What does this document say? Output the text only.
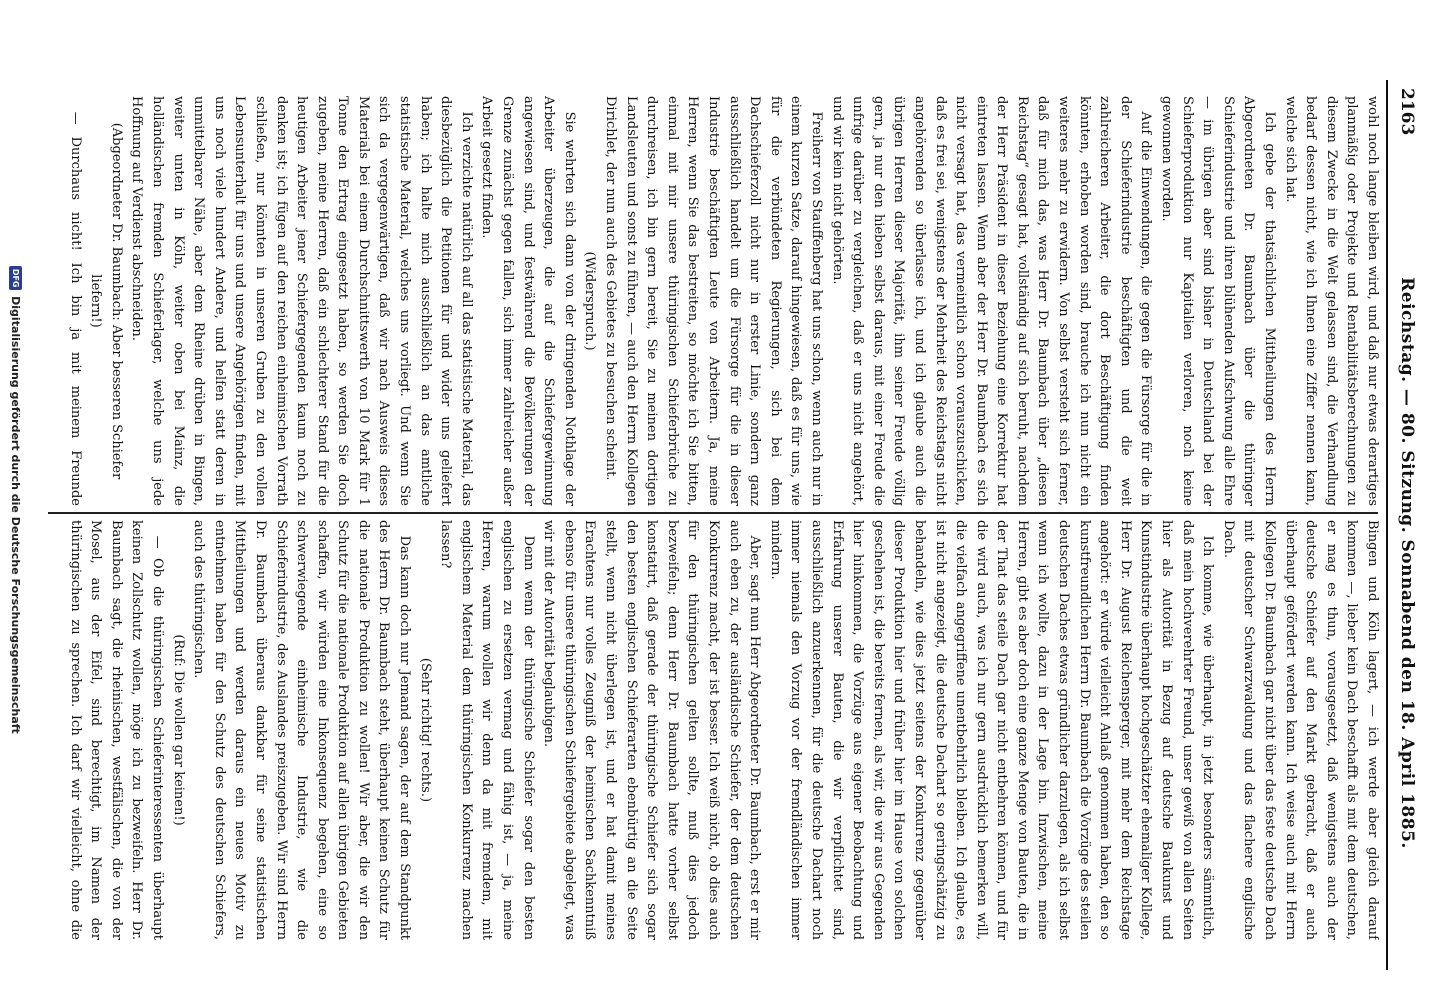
2163
Reichstag. — 80. Sitzung. Sonnabend den 18. April 1885.

wohl noch lange bleiben wird, und daß nur etwas derartiges planmäßig oder Projekte und Rentabilitätsberechnungen zu diesem Zwecke in die Welt gelassen sind, die Verhandlung bedarf dessen nicht, wie ich Ihnen eine Ziffer nennen kann, welche sich hat.

Ich gebe der thatsächlichen Mittheilungen des Herrn Abgeordneten Dr. Baumbach über die thüringer Schieferindustrie und ihren blühenden Aufschwung alle Ehre — im übrigen aber sind bisher in Deutschland bei der Schieferproduktion nur Kapitalien verloren, noch keine gewonnen worden.

Auf die Einwendungen, die gegen die Fürsorge für die in der Schieferindustrie beschäftigten und die weit zahlreicheren Arbeiter, die dort Beschäftigung finden könnten, erhoben worden sind, brauche ich nun nicht ein weiteres mehr zu erwidern. Von selbst versteht sich ferner, daß für mich das, was Herr Dr. Baumbach über „diesen Reichstag“ gesagt hat, vollständig auf sich beruht, nachdem der Herr Präsident in dieser Beziehung eine Korrektur hat eintreten lassen. Wenn aber der Herr Dr. Baumbach es sich nicht versagt hat, das vermeintlich schon vorauszuschicken, daß es frei sei, wenigstens der Mehrheit des Reichstags nicht angehörenden so überlasse ich, und ich glaube auch die übrigen Herren dieser Majorität, ihm seiner Freude völlig gern, ja nur den hieben selbst daraus, mit einer Freude die unfrige darüber zu vergleichen, daß er uns nicht angehört, und wir kein nicht gehörten.

Freiherr von Stauffenberg hat uns schon, wenn auch nur in einem kurzen Satze, darauf hingewiesen, daß es für uns, wie für die verbündeten Regierungen, sich bei dem Dachschieferzoll nicht nur in erster Linie, sondern ganz ausschließlich handelt um die Fürsorge für die in dieser Industrie beschäftigten Leute von Arbeitern. Ja, meine Herren, wenn Sie das bestreiten, so möchte ich Sie bitten, einmal mit mir unsere thüringischen Schieferbrüche zu durchreisen, ich bin gern bereit, Sie zu meinen dortigen Landsleuten und sonst zu führen, — auch den Herrn Kollegen Dirichlet, der nun auch des Gebietes zu besuchen scheint.

(Widerspruch.)

Sie wehrten sich dann von der dringenden Nothlage der Arbeiter überzeugen, die auf die Schiefergewinnung angewiesen sind, und festwährend die Bevölkerungen der Grenze zunächst gegen fallen, sich immer zahlreicher außer Arbeit gesetzt finden.

Ich verzichte natürlich auf all das statistische Material, das diesbezüglich die Petitionen für und wider uns geliefert haben; ich halte mich ausschließlich an das amtliche statistische Material, welches uns vorliegt. Und wenn Sie sich da vergegenwärtigen, daß wir nach Ausweis dieses Materials bei einem Durchschnittswerth von 10 Mark für 1 Tonne den Ertrag eingesetzt haben, so werden Sie doch zugeben, meine Herren, daß ein schlechterer Stand für die heutigen Arbeiter jener Schiefergegenden kaum noch zu denken ist; ich fügen auf den reichen einheimischen Vorrath schließen, nur könnten in unseren Gruben zu den vollen Lebensunterhalt für uns und unsere Angehörigen finden, mit uns noch viele hundert Andere, und helfen statt deren in unmittelbarer Nähe, aber dem Rheine drüben in Bingen, weiter unten in Köln, weiter oben bei Mainz, die holländischen fremden Schieferlager, welche uns jede Hoffnung auf Verdienst abschneiden.

(Abgeordneter Dr. Baumbach: Aber besseren Schiefer liefern!)

— Durchaus nicht! Ich bin ja mit meinem Freunde

Bingen und Köln lagert, — ich werde aber gleich darauf kommen —, lieber kein Dach beschafft als mit dem deutschen, er mag es thun, vorausgesetzt, daß wenigstens auch der deutsche Schiefer auf den Markt gebracht, daß er auch überhaupt gefördert werden kann. Ich weise auch mit Herrn Kollegen Dr. Baumbach gar nicht über das feste deutsche Dach mit deutscher Schwarzwaldung und das flachere englische Dach.

Ich komme, wie überhaupt, in jetzt besonders sämmtlich, daß mein hochverehrter Freund, unser gewiß von allen Seiten hier als Autorität in Bezug auf deutsche Baukunst und Kunstindustrie überhaupt hochgeschätzter ehemaliger Kollege, Herr Dr. August Reichensperger, mit mehr dem Reichstage angehört: er würde vielleicht Anlaß genommen haben, den so kunstfreundlichen Herrn Dr. Baumbach die Vorzüge des steilen deutschen Daches etwas gründlicher darzulegen, als ich selbst wenn ich wollte, dazu in der Lage bin. Inzwischen, meine Herren, gibt es aber doch eine ganze Menge von Bauten, die in der That das steile Dach gar nicht entbehren können, und für die wird auch, was ich nur gern ausdrücklich bemerken will, die vielfach angegriffene unentbehrlich bleiben. Ich glaube, es ist nicht angezeigt, die deutsche Dachart so geringschätzig zu behandeln, wie dies jetzt seitens der Konkurrenz gegenüber dieser Produktion hier und früher hier im Hause von solchen geschehen ist, die bereits fernen, als wir, die wir aus Gegenden hier hinkommen, die Vorzüge aus eigener Beobachtung und Erfahrung unserer Bauten, die wir verpflichtet sind, ausschließlich anzuerkennen, für die deutsche Dachart noch immer niemals den Vorzug vor der fremdländischen immer mindern.

Aber, sagt nun Herr Abgeordneter Dr. Baumbach, erst er mir auch eben zu, der ausländische Schiefer, der dem deutschen Konkurrenz macht, der ist besser. Ich weiß nicht, ob dies auch für den thüringischen gelten sollte, muß dies jedoch bezweifeln; denn Herr Dr. Baumbach hatte vorher selbst konstatirt, daß gerade der thüringische Schiefer sich sogar den besten englischen Schieferarten ebenbürtig an die Seite stellt, wenn nicht überlegen ist, und er hat damit meines Erachtens nur volles Zeugniß der heimischen Sachkenntniß ebenso für unsere thüringischen Schiefergebiete abgelegt, was wir mit der Autorität beglaubigen.

Denn wenn der thüringische Schiefer sogar den besten englischen zu ersetzen vermag und fähig ist, — ja, meine Herren, warum wollen wir denn da mit fremdem, mit englischem Material dem thüringischen Konkurrenz machen lassen?

(Sehr richtig! rechts.)

Das kann doch nur Jemand sagen, der auf dem Standpunkt des Herrn Dr. Baumbach steht, überhaupt keinen Schutz für die nationale Produktion zu wollen! Wir aber, die wir den Schutz für die nationale Produktion auf allen übrigen Gebieten schaffen, wir würden eine Inkonsequenz begehen, eine so schwerwiegende einheimische Industrie, wie die Schieferindustrie, des Auslandes preiszugeben. Wir sind Herrn Dr. Baumbach überaus dankbar für seine statistischen Mittheilungen und werden daraus ein neues Motiv zu entnehmen haben für den Schutz des deutschen Schiefers, auch des thüringischen.

(Ruf: Die wollen gar keinen!)

— Ob die thüringischen Schieferinteressenten überhaupt keinen Zollschutz wollen, möge ich zu bezweifeln. Herr Dr. Baumbach sagt, die rheinischen, westfälischen, die von der Mosel, aus der Eifel, sind berechtigt, im Namen der thüringischen zu sprechen. Ich darf wir vielleicht, ohne die

DFG
Digitalisierung gefördert durch die Deutsche Forschungsgemeinschaft
